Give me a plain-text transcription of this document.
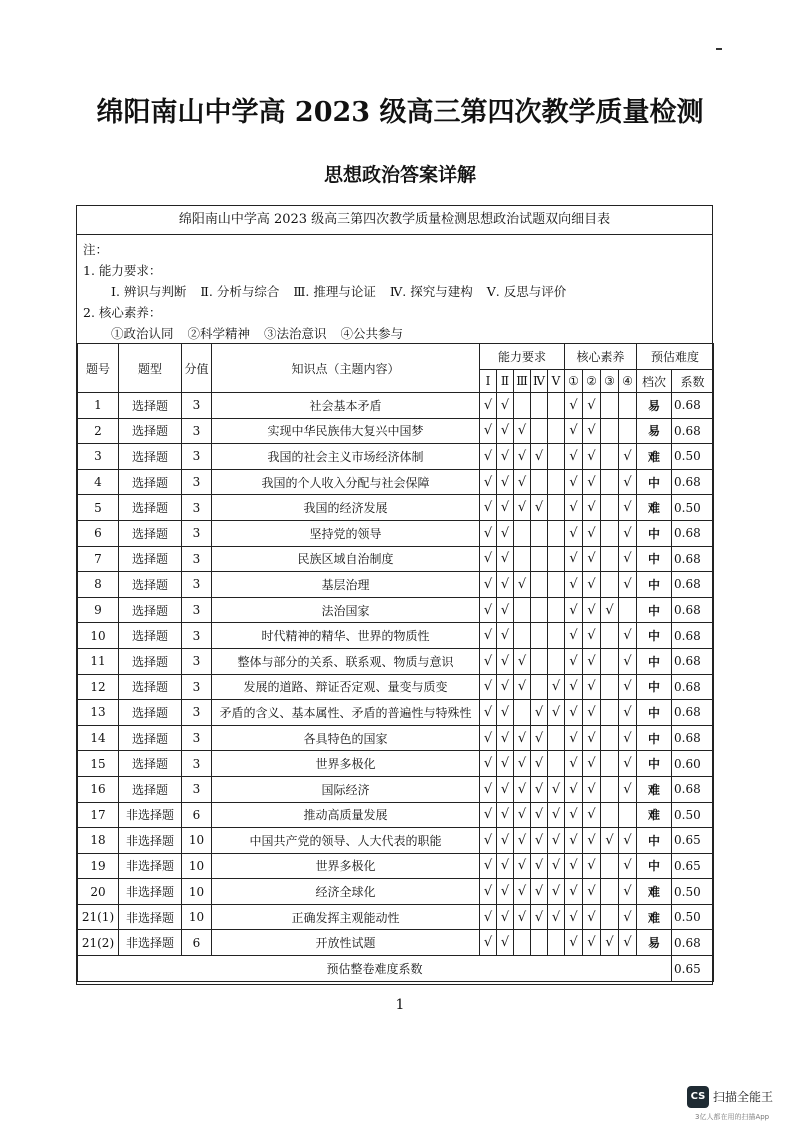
绵阳南山中学高 2023 级高三第四次教学质量检测
思想政治答案详解
绵阳南山中学高 2023 级高三第四次教学质量检测思想政治试题双向细目表
注：
1. 能力要求：
Ⅰ. 辨识与判断 Ⅱ. 分析与综合 Ⅲ. 推理与论证 Ⅳ. 探究与建构 Ⅴ. 反思与评价
2. 核心素养：
①政治认同 ②科学精神 ③法治意识 ④公共参与
题号	题型	分值	知识点（主题内容）	能力要求					核心素养				预估难度	
				Ⅰ	Ⅱ	Ⅲ	Ⅳ	Ⅴ	①	②	③	④	档次	系数
1	选择题	3	社会基本矛盾	√	√				√	√			易	0.68
2	选择题	3	实现中华民族伟大复兴中国梦	√	√	√			√	√			易	0.68
3	选择题	3	我国的社会主义市场经济体制	√	√	√	√		√	√		√	难	0.50
4	选择题	3	我国的个人收入分配与社会保障	√	√	√			√	√		√	中	0.68
5	选择题	3	我国的经济发展	√	√	√	√		√	√		√	难	0.50
6	选择题	3	坚持党的领导	√	√				√	√		√	中	0.68
7	选择题	3	民族区域自治制度	√	√				√	√		√	中	0.68
8	选择题	3	基层治理	√	√	√			√	√		√	中	0.68
9	选择题	3	法治国家	√	√				√	√	√		中	0.68
10	选择题	3	时代精神的精华、世界的物质性	√	√				√	√		√	中	0.68
11	选择题	3	整体与部分的关系、联系观、物质与意识	√	√	√			√	√		√	中	0.68
12	选择题	3	发展的道路、辩证否定观、量变与质变	√	√	√		√	√	√		√	中	0.68
13	选择题	3	矛盾的含义、基本属性、矛盾的普遍性与特殊性	√	√		√	√	√	√		√	中	0.68
14	选择题	3	各具特色的国家	√	√	√	√		√	√		√	中	0.68
15	选择题	3	世界多极化	√	√	√	√		√	√		√	中	0.60
16	选择题	3	国际经济	√	√	√	√	√	√	√		√	难	0.68
17	非选择题	6	推动高质量发展	√	√	√	√	√	√	√			难	0.50
18	非选择题	10	中国共产党的领导、人大代表的职能	√	√	√	√	√	√	√	√	√	中	0.65
19	非选择题	10	世界多极化	√	√	√	√	√	√	√		√	中	0.65
20	非选择题	10	经济全球化	√	√	√	√	√	√	√		√	难	0.50
21(1)	非选择题	10	正确发挥主观能动性	√	√	√	√	√	√	√		√	难	0.50
21(2)	非选择题	6	开放性试题	√	√				√	√	√	√	易	0.68
预估整卷难度系数														0.65
1
CS 扫描全能王
3亿人都在用的扫描App
